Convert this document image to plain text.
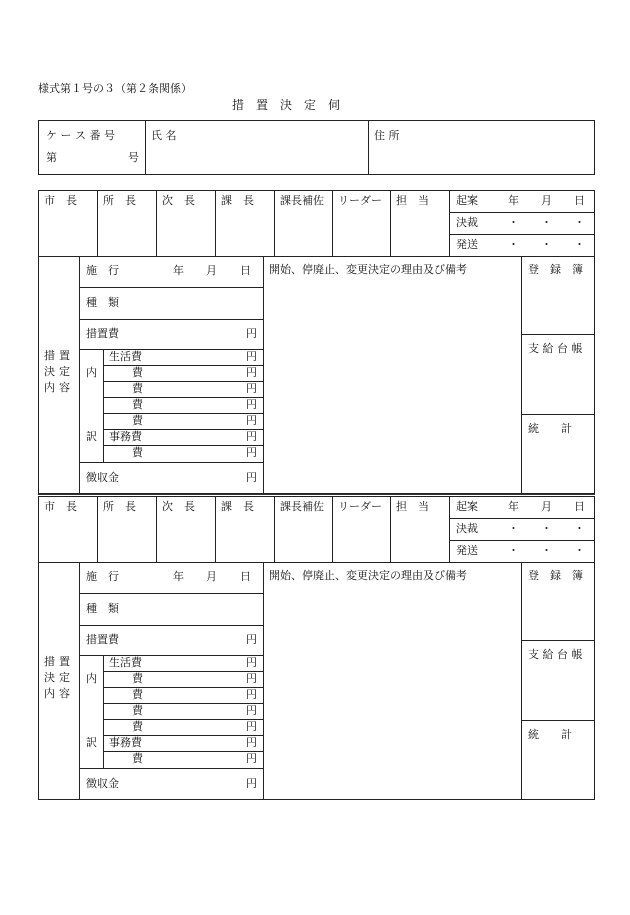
様式第１号の３（第２条関係）
措　置　決　定　伺
ケ ー ス 番 号
第	号
氏 名	住 所
市　長	所　長	次　長	課　長	課長補佐 リーダー 担　当	起案	年 月 日
決裁	・ ・ ・
発送	・ ・ ・
措置
決定
内容
施　行	年 月 日
種　類
措置費	円
内
訳
生活費	円
費	円
費	円
費	円
費	円
事務費	円
費	円
徴収金	円
開始、停廃止、変更決定の理由及び備考	登　録　簿
支 給 台 帳
統　　計
市　長	所　長	次　長	課　長	課長補佐 リーダー 担　当	起案	年 月 日
決裁	・ ・ ・
発送	・ ・ ・
措置
決定
内容
施　行	年 月 日
種　類
措置費	円
内
訳
生活費	円
費	円
費	円
費	円
費	円
事務費	円
費	円
徴収金	円
開始、停廃止、変更決定の理由及び備考	登　録　簿
支 給 台 帳
統　　計
